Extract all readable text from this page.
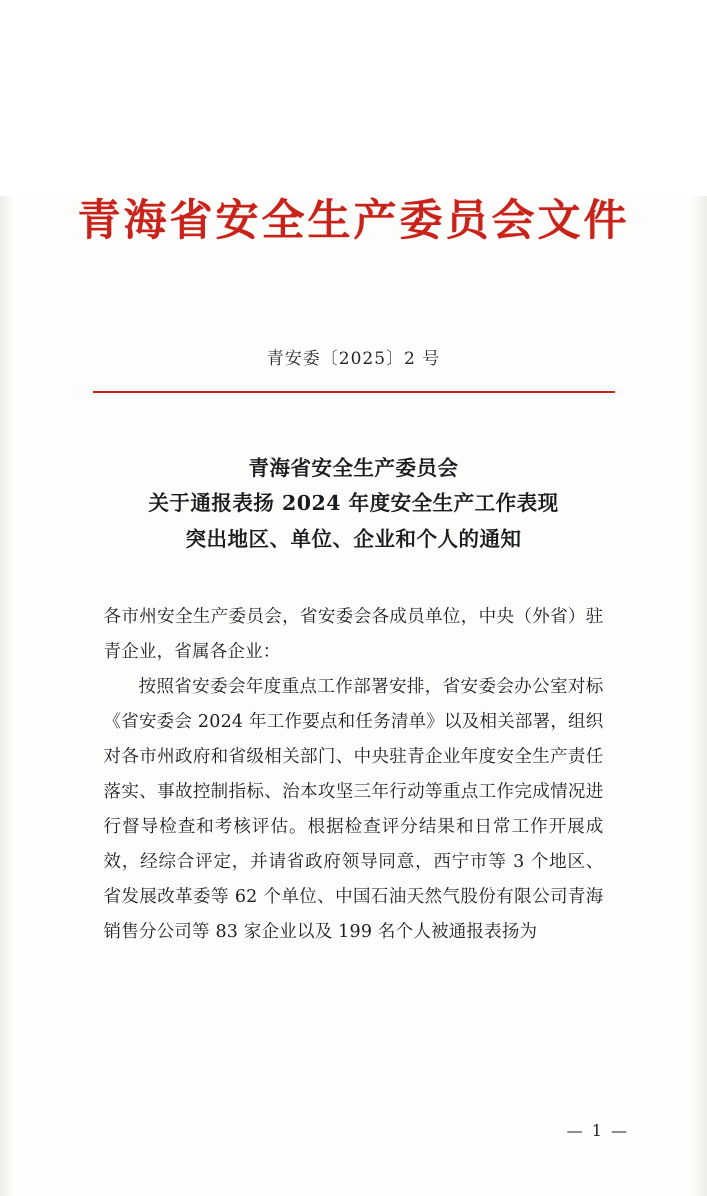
青海省安全生产委员会文件
青安委〔2025〕2 号
青海省安全生产委员会
关于通报表扬 2024 年度安全生产工作表现
突出地区、单位、企业和个人的通知

各市州安全生产委员会，省安委会各成员单位，中央（外省）驻青企业，省属各企业：

按照省安委会年度重点工作部署安排，省安委会办公室对标《省安委会 2024 年工作要点和任务清单》以及相关部署，组织对各市州政府和省级相关部门、中央驻青企业年度安全生产责任落实、事故控制指标、治本攻坚三年行动等重点工作完成情况进行督导检查和考核评估。根据检查评分结果和日常工作开展成效，经综合评定，并请省政府领导同意，西宁市等 3 个地区、省发展改革委等 62 个单位、中国石油天然气股份有限公司青海销售分公司等 83 家企业以及 199 名个人被通报表扬为

— 1 —
